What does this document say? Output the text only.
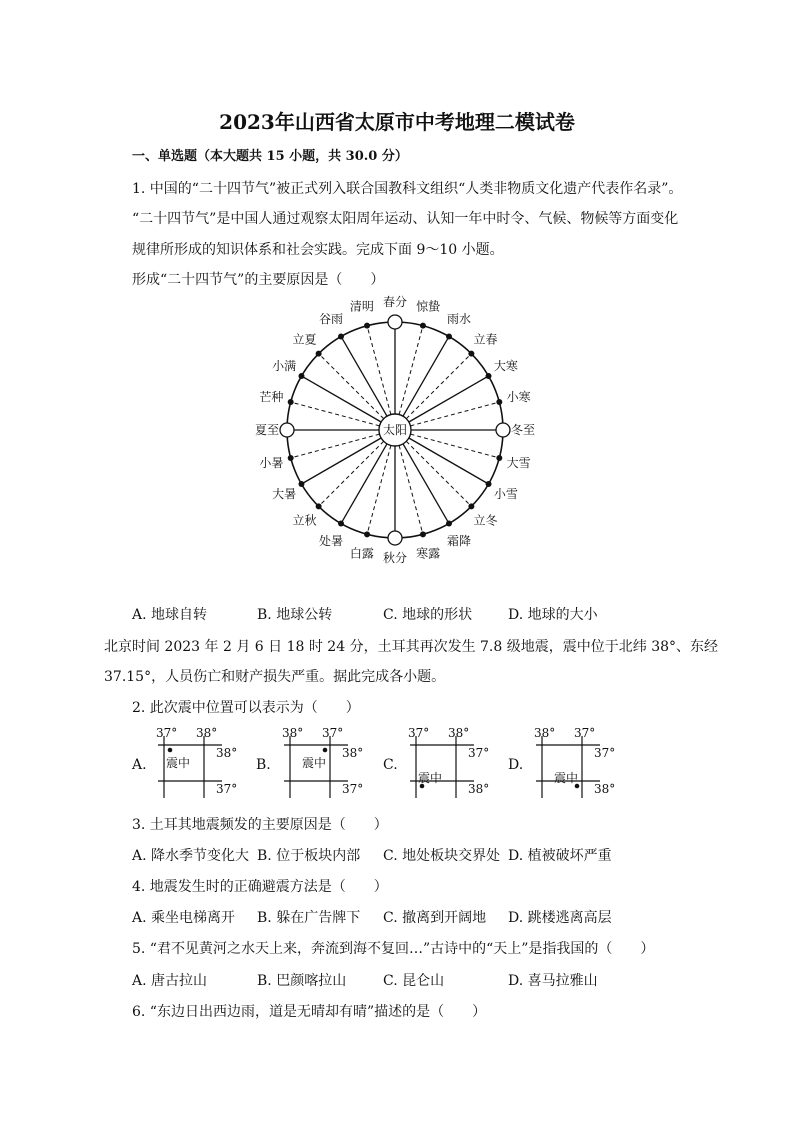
2023年山西省太原市中考地理二模试卷
一、单选题（本大题共 15 小题，共 30.0 分）
1. 中国的“二十四节气”被正式列入联合国教科文组织“人类非物质文化遗产代表作名录”。
“二十四节气”是中国人通过观察太阳周年运动、认知一年中时令、气候、物候等方面变化
规律所形成的知识体系和社会实践。完成下面 9～10 小题。
形成“二十四节气”的主要原因是（　　）
太阳
春分 惊蛰
雨水
立春
大寒
小寒
冬至
大雪
小雪
立冬
霜降
寒露
秋分
白露
处暑
立秋
大暑
小暑
夏至
芒种
小满
立夏
谷雨
清明
A. 地球自转	B. 地球公转	C. 地球的形状	D. 地球的大小
北京时间 2023 年 2 月 6 日 18 时 24 分，土耳其再次发生 7.8 级地震，震中位于北纬 38°、东经
37.15°，人员伤亡和财产损失严重。据此完成各小题。
2. 此次震中位置可以表示为（　　）
A.
37° 38°
38°
37°
震中	B.
38° 37°
38°
37°
震中	C.
37° 38°
37°
38°
震中
D.
38° 37°
37°
38°
震中
3. 土耳其地震频发的主要原因是（　　）
A. 降水季节变化大 B. 位于板块内部 C. 地处板块交界处 D. 植被破坏严重
4. 地震发生时的正确避震方法是（　　）
A. 乘坐电梯离开 B. 躲在广告牌下 C. 撤离到开阔地 D. 跳楼逃离高层
5. “君不见黄河之水天上来，奔流到海不复回…”古诗中的“天上”是指我国的（　　）
A. 唐古拉山	B. 巴颜喀拉山	C. 昆仑山	D. 喜马拉雅山
6. “东边日出西边雨，道是无晴却有晴”描述的是（　　）
